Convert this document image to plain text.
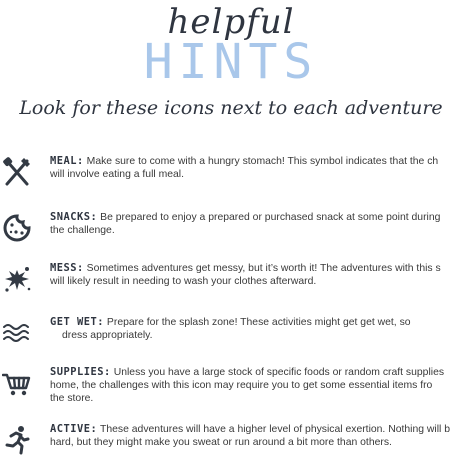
helpful
HINTS
Look for these icons next to each adventure
MEAL: Make sure to come with a hungry stomach! This symbol indicates that the ch
will involve eating a full meal.
SNACKS: Be prepared to enjoy a prepared or purchased snack at some point during
the challenge.
MESS: Sometimes adventures get messy, but it’s worth it! The adventures with this s
will likely result in needing to wash your clothes afterward.
GET WET: Prepare for the splash zone! These activities might get get wet, so
dress appropriately.
SUPPLIES: Unless you have a large stock of specific foods or random craft supplies
home, the challenges with this icon may require you to get some essential items fro
the store.
ACTIVE: These adventures will have a higher level of physical exertion. Nothing will b
hard, but they might make you sweat or run around a bit more than others.
